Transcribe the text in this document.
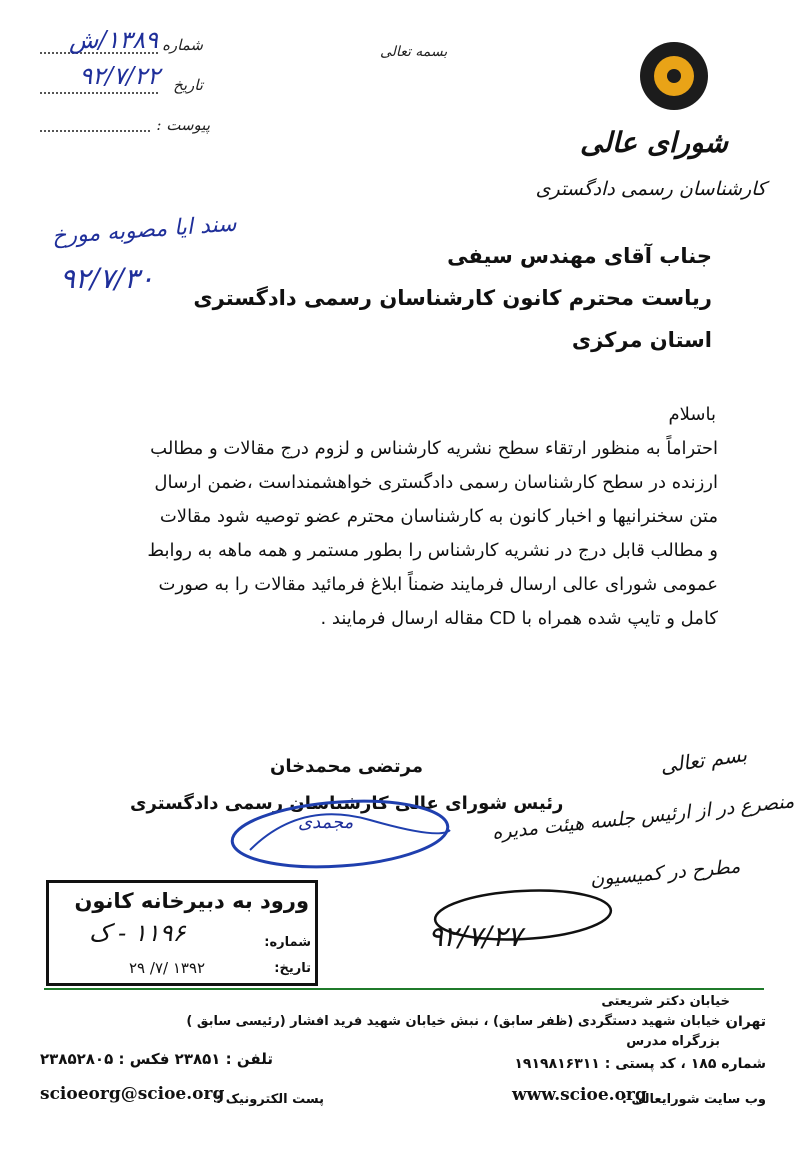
شماره
۱۳۸۹/ش
تاریخ
۹۲/۷/۲۲
پیوست :
بسمه تعالی
شورای عالی
کارشناسان رسمی دادگستری
سند ایا مصوبه مورخ
۹۲/۷/۳۰
جناب آقای مهندس سیفی
ریاست محترم کانون کارشناسان رسمی دادگستری
استان مرکزی
باسلام
احتراماً به منظور ارتقاء سطح نشریه کارشناس و لزوم درج مقالات و مطالب
ارزنده در سطح کارشناسان رسمی دادگستری خواهشمنداست ،ضمن ارسال
متن سخنرانیها و اخبار کانون به کارشناسان محترم عضو توصیه شود مقالات
و مطالب قابل درج در نشریه کارشناس را بطور مستمر و همه ماهه به روابط
عمومی شورای عالی ارسال فرمایند ضمناً ابلاغ فرمائید مقالات را به صورت
کامل و تایپ شده همراه با CD مقاله ارسال فرمایند .
مرتضی محمدخان
رئیس شورای عالی کارشناسان رسمی دادگستری
مجمدی
بسم تعالی
منصرع در از ارئیس جلسه هیئت مدیره
مطرح در کمیسیون
۹۲/۷/۲۷
ورود به دبیرخانه کانون
شماره:
۱۱۹۶ - ک
تاریخ:
۱۳۹۲ /۷/ ۲۹
تهران
خیابان دکتر شریعتی
، خیابان شهید دستگردی (ظفر سابق) ، نبش خیابان شهید فرید افشار (رئیسی سابق )
بزرگراه مدرس
شماره ۱۸۵ ، کد پستی : ۱۹۱۹۸۱۶۳۱۱
تلفن : ۲۳۸۵۱ فکس : ۲۳۸۵۲۸۰۵
وب سایت شورایعالی :
www.scioe.org
پست الکترونیک :
scioeorg@scioe.org
